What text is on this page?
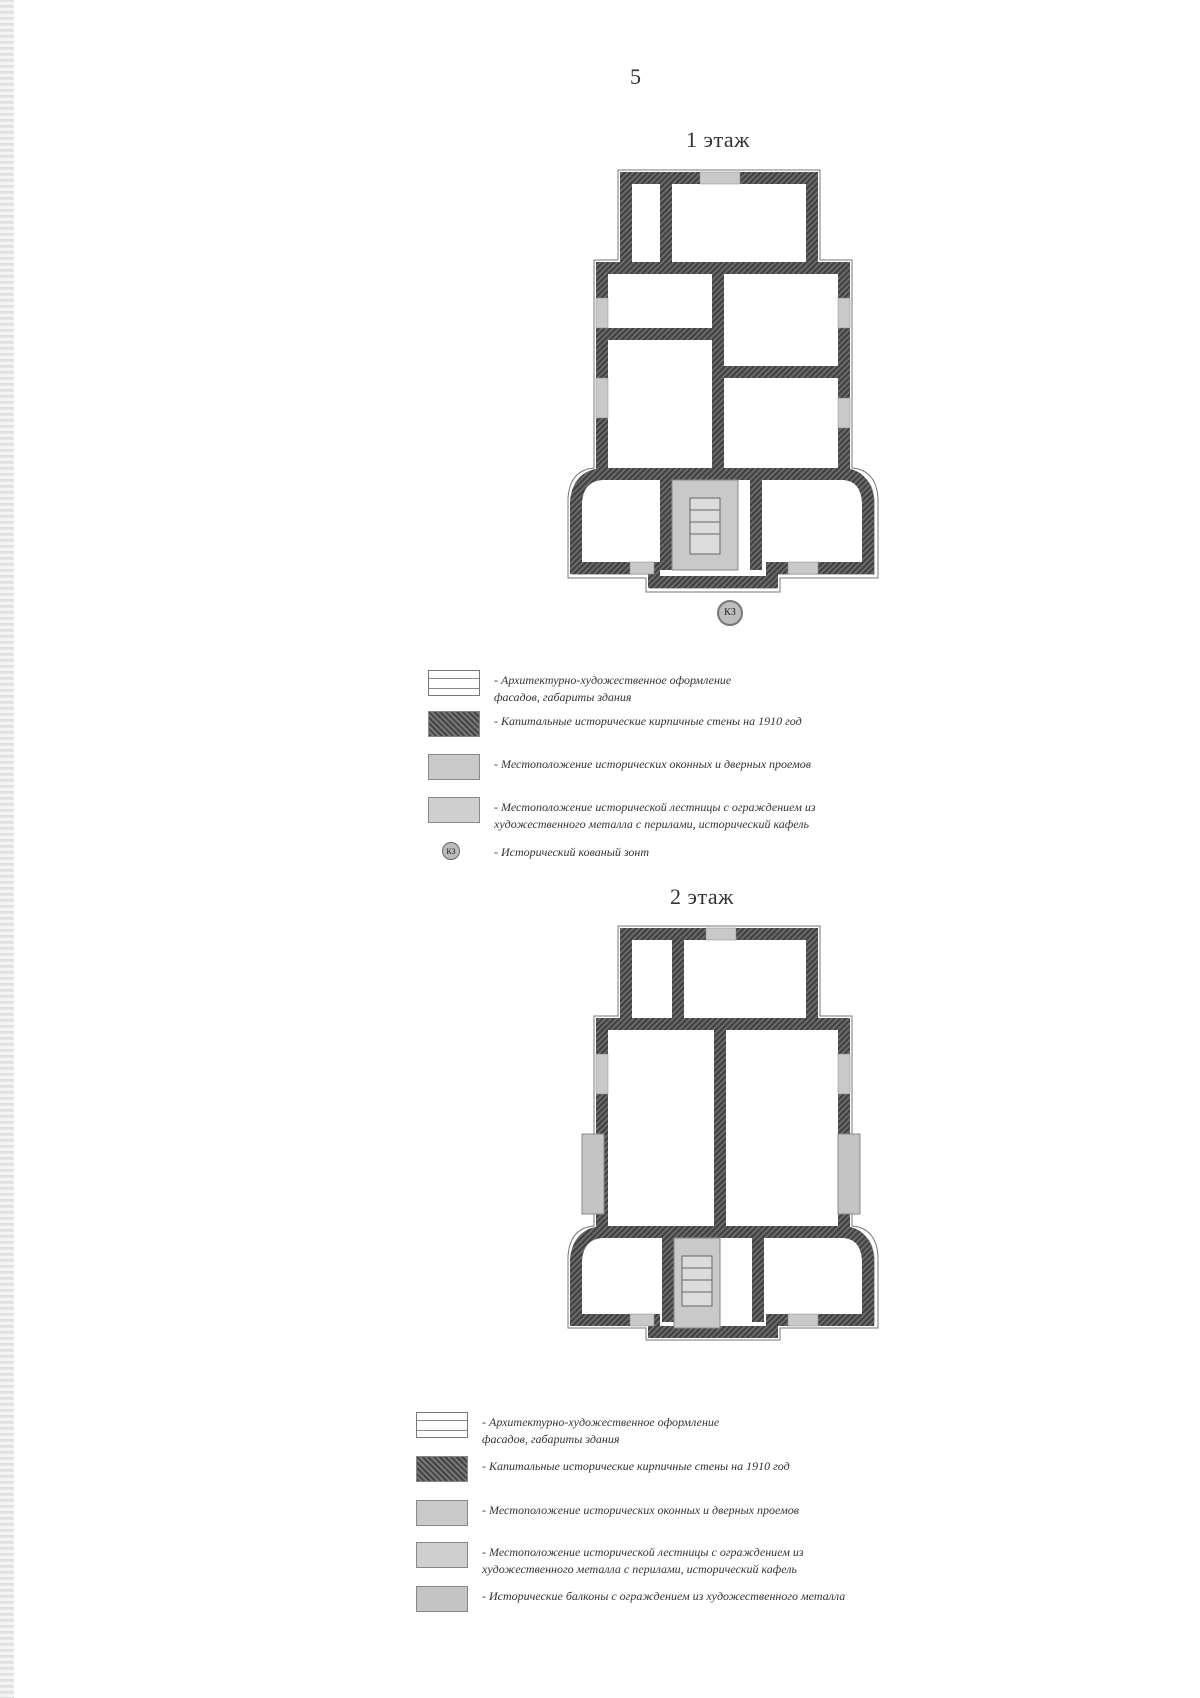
5
1 этаж
КЗ
- Архитектурно-художественное оформление
фасадов, габариты здания
- Капитальные исторические кирпичные стены на 1910 год
- Местоположение исторических оконных и дверных проемов
- Местоположение исторической лестницы с ограждением из
художественного металла с перилами, исторический кафель
КЗ	- Исторический кованый зонт
2 этаж
- Архитектурно-художественное оформление
фасадов, габариты здания
- Капитальные исторические кирпичные стены на 1910 год
- Местоположение исторических оконных и дверных проемов
- Местоположение исторической лестницы с ограждением из
художественного металла с перилами, исторический кафель
- Исторические балконы с ограждением из художественного металла
